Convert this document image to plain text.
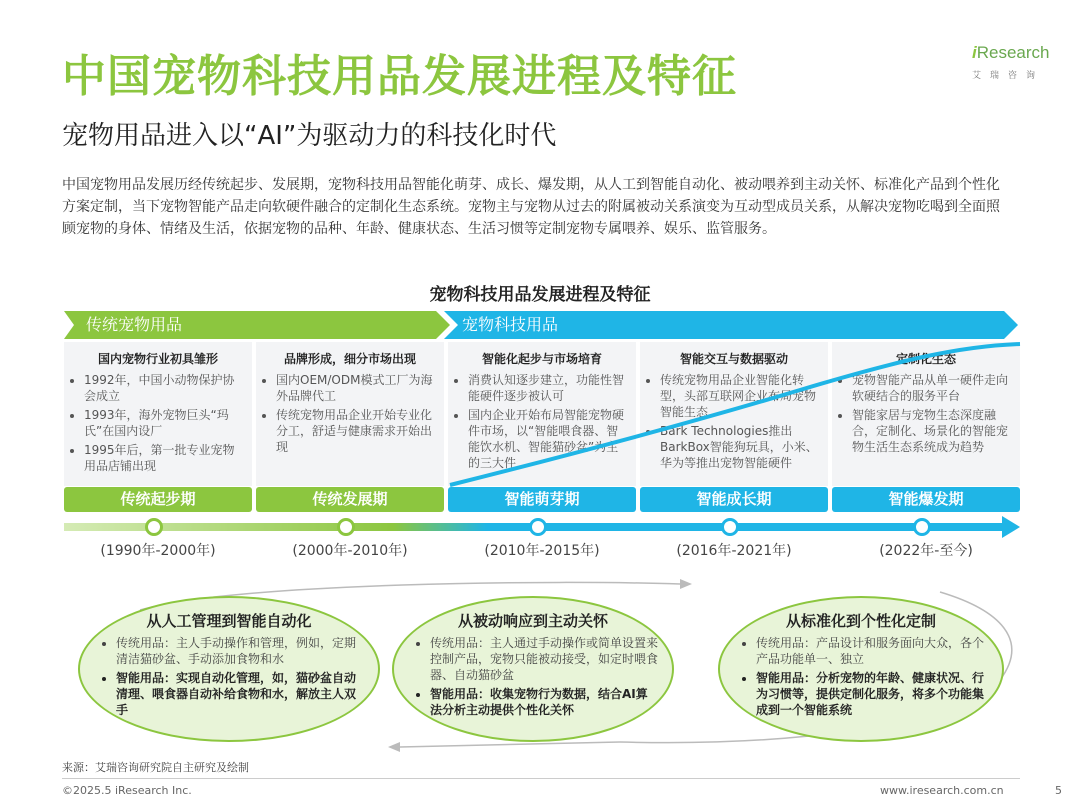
中国宠物科技用品发展进程及特征
宠物用品进入以“AI”为驱动力的科技化时代
iResearch
艾瑞咨询
中国宠物用品发展历经传统起步、发展期，宠物科技用品智能化萌芽、成长、爆发期，从人工到智能自动化、被动喂养到主动关怀、标准化产品到个性化方案定制，当下宠物智能产品走向软硬件融合的定制化生态系统。宠物主与宠物从过去的附属被动关系演变为互动型成员关系，从解决宠物吃喝到全面照顾宠物的身体、情绪及生活，依据宠物的品种、年龄、健康状态、生活习惯等定制宠物专属喂养、娱乐、监管服务。
宠物科技用品发展进程及特征
传统宠物用品	宠物科技用品
国内宠物行业初具雏形
• 1992年，中国小动物保护协会成立
• 1993年，海外宠物巨头“玛氏”在国内设厂
• 1995年后，第一批专业宠物用品店铺出现
品牌形成，细分市场出现
• 国内OEM/ODM模式工厂为海外品牌代工
• 传统宠物用品企业开始专业化分工，舒适与健康需求开始出现
智能化起步与市场培育
• 消费认知逐步建立，功能性智能硬件逐步被认可
• 国内企业开始布局智能宠物硬件市场，以“智能喂食器、智能饮水机、智能猫砂盆”为主的三大件
智能交互与数据驱动
• 传统宠物用品企业智能化转型，头部互联网企业布局宠物智能生态
• Bark Technologies推出BarkBox智能狗玩具，小米、华为等推出宠物智能硬件
定制化生态
• 宠物智能产品从单一硬件走向软硬结合的服务平台
• 智能家居与宠物生态深度融合，定制化、场景化的智能宠物生活生态系统成为趋势
传统起步期	传统发展期	智能萌芽期	智能成长期	智能爆发期
(1990年-2000年)	(2000年-2010年)	(2010年-2015年)	(2016年-2021年)	(2022年-至今)
从人工管理到智能自动化
• 传统用品：主人手动操作和管理，例如，定期清洁猫砂盆、手动添加食物和水
• 智能用品：实现自动化管理，如，猫砂盆自动清理、喂食器自动补给食物和水，解放主人双手
从被动响应到主动关怀
• 传统用品：主人通过手动操作或简单设置来控制产品，宠物只能被动接受，如定时喂食器、自动猫砂盆
• 智能用品：收集宠物行为数据，结合AI算法分析主动提供个性化关怀
从标准化到个性化定制
• 传统用品：产品设计和服务面向大众，各个产品功能单一、独立
• 智能用品：分析宠物的年龄、健康状况、行为习惯等，提供定制化服务，将多个功能集成到一个智能系统
来源：艾瑞咨询研究院自主研究及绘制
©2025.5 iResearch Inc.	www.iresearch.com.cn	5
